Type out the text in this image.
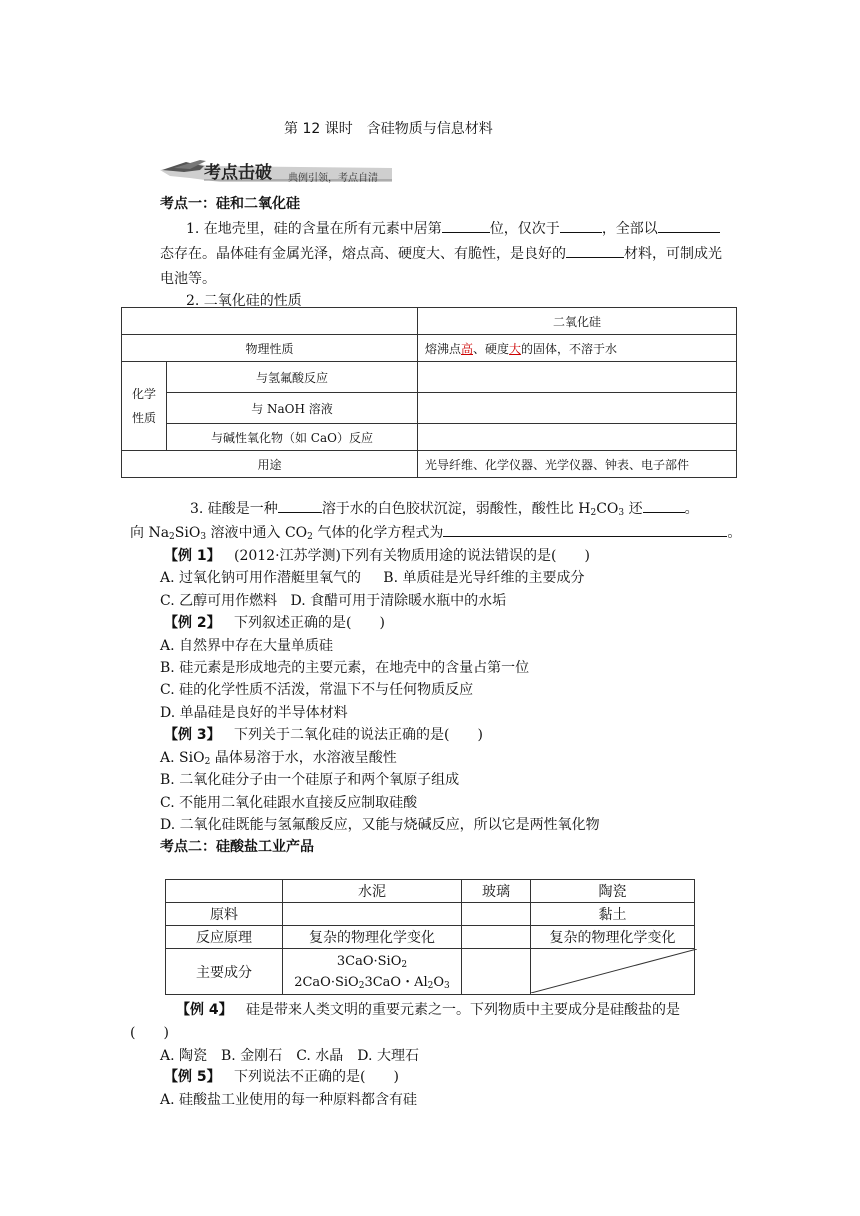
第 12 课时 含硅物质与信息材料
考点击破 典例引领，考点自清
考点一：硅和二氧化硅
1. 在地壳里，硅的含量在所有元素中居第	位，仅次于	，全部以
态存在。晶体硅有金属光泽，熔点高、硬度大、有脆性，是良好的	材料，可制成光
电池等。
2. 二氧化硅的性质
		二氧化硅
物理性质		熔沸点高、硬度大的固体，不溶于水
化学
性质	与氢氟酸反应	
	与 NaOH 溶液	
	与碱性氧化物（如 CaO）反应	
用途		光导纤维、化学仪器、光学仪器、钟表、电子部件
3. 硅酸是一种	溶于水的白色胶状沉淀，弱酸性，酸性比 $H_2CO_3$ 还	。
向 $Na_2SiO_3$ 溶液中通入 $CO_2$ 气体的化学方程式为	。
【例 1】 (2012·江苏学测)下列有关物质用途的说法错误的是(　　)
A. 过氧化钠可用作潜艇里氧气的 B. 单质硅是光导纤维的主要成分
C. 乙醇可用作燃料 D. 食醋可用于清除暖水瓶中的水垢
【例 2】 下列叙述正确的是(　　)
A. 自然界中存在大量单质硅
B. 硅元素是形成地壳的主要元素，在地壳中的含量占第一位
C. 硅的化学性质不活泼，常温下不与任何物质反应
D. 单晶硅是良好的半导体材料
【例 3】 下列关于二氧化硅的说法正确的是(　　)
A. SiO$_2$ 晶体易溶于水，水溶液呈酸性
B. 二氧化硅分子由一个硅原子和两个氧原子组成
C. 不能用二氧化硅跟水直接反应制取硅酸
D. 二氧化硅既能与氢氟酸反应，又能与烧碱反应，所以它是两性氧化物
考点二：硅酸盐工业产品
	水泥	玻璃	陶瓷
原料			黏土
反应原理	复杂的物理化学变化		复杂的物理化学变化
主要成分	3CaO·SiO$_2$
2CaO·SiO$_2$3CaO・$Al_2O_3$		
【例 4】 硅是带来人类文明的重要元素之一。下列物质中主要成分是硅酸盐的是
(　　)
A. 陶瓷　B. 金刚石　C. 水晶　D. 大理石
【例 5】 下列说法不正确的是(　　)
A. 硅酸盐工业使用的每一种原料都含有硅
